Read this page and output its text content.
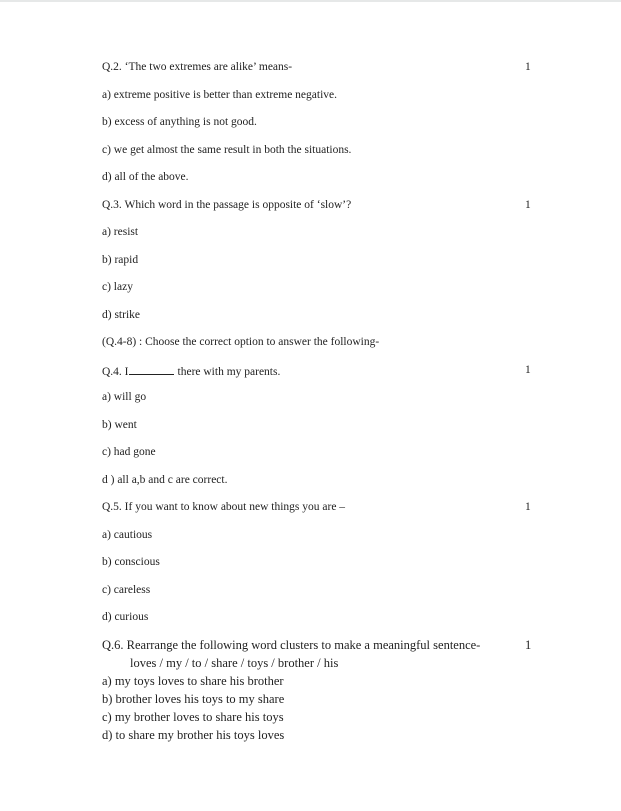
Q.2. ‘The two extremes are alike’ means-	1
a) extreme positive is better than extreme negative.
b) excess of anything is not good.
c) we get almost the same result in both the situations.
d) all of the above.
Q.3. Which word in the passage is opposite of ‘slow’?	1
a) resist
b) rapid
c) lazy
d) strike
(Q.4-8) : Choose the correct option to answer the following-
Q.4. I	there with my parents.	1
a) will go
b) went
c) had gone
d ) all a,b and c are correct.
Q.5. If you want to know about new things you are –	1
a) cautious
b) conscious
c) careless
d) curious
Q.6. Rearrange the following word clusters to make a meaningful sentence-	1
loves / my / to / share / toys / brother / his
a) my toys loves to share his brother
b) brother loves his toys to my share
c) my brother loves to share his toys
d) to share my brother his toys loves
